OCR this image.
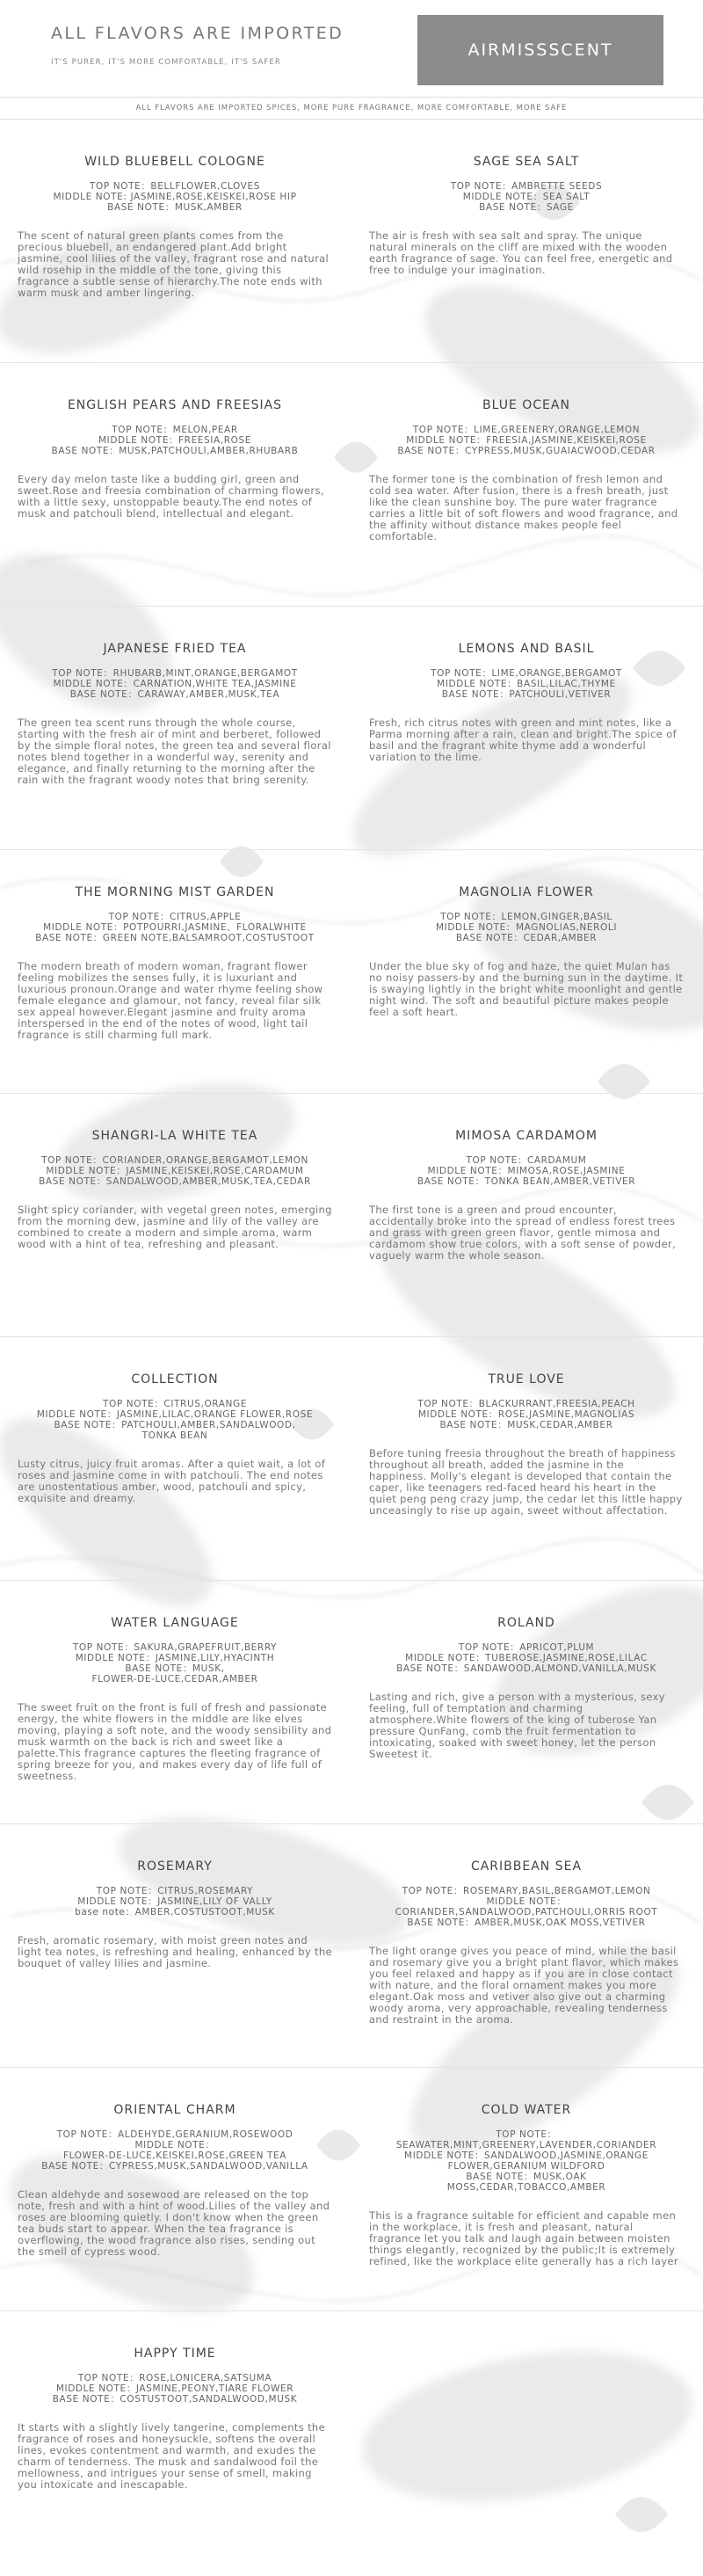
ALL FLAVORS ARE IMPORTED
IT'S PURER, IT'S MORE COMFORTABLE, IT'S SAFER
AIRMISSSCENT
ALL FLAVORS ARE IMPORTED SPICES, MORE PURE FRAGRANCE, MORE COMFORTABLE, MORE SAFE
WILD BLUEBELL COLOGNE
TOP NOTE：BELLFLOWER,CLOVES
MIDDLE NOTE: JASMINE,ROSE,KEISKEI,ROSE HIP
BASE NOTE：MUSK,AMBER
The scent of natural green plants comes from the precious bluebell, an endangered plant.Add bright jasmine, cool lilies of the valley, fragrant rose and natural wild rosehip in the middle of the tone, giving this fragrance a subtle sense of hierarchy.The note ends with warm musk and amber lingering.
SAGE SEA SALT
TOP NOTE：AMBRETTE SEEDS
MIDDLE NOTE：SEA SALT
BASE NOTE：SAGE
The air is fresh with sea salt and spray. The unique natural minerals on the cliff are mixed with the wooden earth fragrance of sage. You can feel free, energetic and free to indulge your imagination.
ENGLISH PEARS AND FREESIAS
TOP NOTE：MELON,PEAR
MIDDLE NOTE：FREESIA,ROSE
BASE NOTE：MUSK,PATCHOULI,AMBER,RHUBARB
Every day melon taste like a budding girl, green and sweet.Rose and freesia combination of charming flowers, with a little sexy, unstoppable beauty.The end notes of musk and patchouli blend, intellectual and elegant.
BLUE OCEAN
TOP NOTE：LIME,GREENERY,ORANGE,LEMON
MIDDLE NOTE：FREESIA,JASMINE,KEISKEI,ROSE
BASE NOTE：CYPRESS,MUSK,GUAIACWOOD,CEDAR
The former tone is the combination of fresh lemon and cold sea water. After fusion, there is a fresh breath, just like the clean sunshine boy. The pure water fragrance carries a little bit of soft flowers and wood fragrance, and the affinity without distance makes people feel comfortable.
JAPANESE FRIED TEA
TOP NOTE：RHUBARB,MINT,ORANGE,BERGAMOT
MIDDLE NOTE：CARNATION,WHITE TEA,JASMINE
BASE NOTE：CARAWAY,AMBER,MUSK,TEA
The green tea scent runs through the whole course, starting with the fresh air of mint and berberet, followed by the simple floral notes, the green tea and several floral notes blend together in a wonderful way, serenity and elegance, and finally returning to the morning after the rain with the fragrant woody notes that bring serenity.
LEMONS AND BASIL
TOP NOTE：LIME,ORANGE,BERGAMOT
MIDDLE NOTE：BASIL,LILAC,THYME
BASE NOTE：PATCHOULI,VETIVER
Fresh, rich citrus notes with green and mint notes, like a Parma morning after a rain, clean and bright.The spice of basil and the fragrant white thyme add a wonderful variation to the lime.
THE MORNING MIST GARDEN
TOP NOTE：CITRUS,APPLE
MIDDLE NOTE：POTPOURRI,JASMINE、FLORALWHITE
BASE NOTE：GREEN NOTE,BALSAMROOT,COSTUSTOOT
The modern breath of modern woman, fragrant flower feeling mobilizes the senses fully, it is luxuriant and luxurious pronoun.Orange and water rhyme feeling show female elegance and glamour, not fancy, reveal filar silk sex appeal however.Elegant jasmine and fruity aroma interspersed in the end of the notes of wood, light tail fragrance is still charming full mark.
MAGNOLIA FLOWER
TOP NOTE：LEMON,GINGER,BASIL
MIDDLE NOTE：MAGNOLIAS,NEROLI
BASE NOTE：CEDAR,AMBER
Under the blue sky of fog and haze, the quiet Mulan has no noisy passers-by and the burning sun in the daytime. It is swaying lightly in the bright white moonlight and gentle night wind. The soft and beautiful picture makes people feel a soft heart.
SHANGRI-LA WHITE TEA
TOP NOTE：CORIANDER,ORANGE,BERGAMOT,LEMON
MIDDLE NOTE：JASMINE,KEISKEI,ROSE,CARDAMUM
BASE NOTE：SANDALWOOD,AMBER,MUSK,TEA,CEDAR
Slight spicy coriander, with vegetal green notes, emerging from the morning dew, jasmine and lily of the valley are combined to create a modern and simple aroma, warm wood with a hint of tea, refreshing and pleasant.
MIMOSA CARDAMOM
TOP NOTE：CARDAMUM
MIDDLE NOTE：MIMOSA,ROSE,JASMINE
BASE NOTE：TONKA BEAN,AMBER,VETIVER
The first tone is a green and proud encounter, accidentally broke into the spread of endless forest trees and grass with green green flavor, gentle mimosa and cardamom show true colors, with a soft sense of powder, vaguely warm the whole season.
COLLECTION
TOP NOTE：CITRUS,ORANGE
MIDDLE NOTE：JASMINE,LILAC,ORANGE FLOWER,ROSE
BASE NOTE：PATCHOULI,AMBER,SANDALWOOD,
TONKA BEAN
Lusty citrus, juicy fruit aromas. After a quiet wait, a lot of roses and jasmine come in with patchouli. The end notes are unostentatious amber, wood, patchouli and spicy, exquisite and dreamy.
TRUE LOVE
TOP NOTE：BLACKURRANT,FREESIA,PEACH
MIDDLE NOTE：ROSE,JASMINE,MAGNOLIAS
BASE NOTE：MUSK,CEDAR,AMBER
Before tuning freesia throughout the breath of happiness throughout all breath, added the jasmine in the happiness. Molly's elegant is developed that contain the caper, like teenagers red-faced heard his heart in the quiet peng peng crazy jump, the cedar let this little happy unceasingly to rise up again, sweet without affectation.
WATER LANGUAGE
TOP NOTE：SAKURA,GRAPEFRUIT,BERRY
MIDDLE NOTE：JASMINE,LILY,HYACINTH
BASE NOTE：MUSK,
FLOWER-DE-LUCE,CEDAR,AMBER
The sweet fruit on the front is full of fresh and passionate energy, the white flowers in the middle are like elves moving, playing a soft note, and the woody sensibility and musk warmth on the back is rich and sweet like a palette.This fragrance captures the fleeting fragrance of spring breeze for you, and makes every day of life full of sweetness.
ROLAND
TOP NOTE：APRICOT,PLUM
MIDDLE NOTE：TUBEROSE,JASMINE,ROSE,LILAC
BASE NOTE：SANDAWOOD,ALMOND,VANILLA,MUSK
Lasting and rich, give a person with a mysterious, sexy feeling, full of temptation and charming atmosphere.White flowers of the king of tuberose Yan pressure QunFang, comb the fruit fermentation to intoxicating, soaked with sweet honey, let the person Sweetest it.
ROSEMARY
TOP NOTE：CITRUS,ROSEMARY
MIDDLE NOTE：JASMINE,LILY OF VALLY
base note：AMBER,COSTUSTOOT,MUSK
Fresh, aromatic rosemary, with moist green notes and light tea notes, is refreshing and healing, enhanced by the bouquet of valley lilies and jasmine.
CARIBBEAN SEA
TOP NOTE：ROSEMARY,BASIL,BERGAMOT,LEMON
MIDDLE NOTE：
CORIANDER,SANDALWOOD,PATCHOULI,ORRIS ROOT
BASE NOTE：AMBER,MUSK,OAK MOSS,VETIVER
The light orange gives you peace of mind, while the basil and rosemary give you a bright plant flavor, which makes you feel relaxed and happy as if you are in close contact with nature, and the floral ornament makes you more elegant.Oak moss and vetiver also give out a charming woody aroma, very approachable, revealing tenderness and restraint in the aroma.
ORIENTAL CHARM
TOP NOTE：ALDEHYDE,GERANIUM,ROSEWOOD
MIDDLE NOTE：
FLOWER-DE-LUCE,KEISKEI,ROSE,GREEN TEA
BASE NOTE：CYPRESS,MUSK,SANDALWOOD,VANILLA
Clean aldehyde and sosewood are released on the top note, fresh and with a hint of wood.Lilies of the valley and roses are blooming quietly. I don't know when the green tea buds start to appear. When the tea fragrance is overflowing, the wood fragrance also rises, sending out the smell of cypress wood.
COLD WATER
TOP NOTE：
SEAWATER,MINT,GREENERY,LAVENDER,CORIANDER
MIDDLE NOTE：SANDALWOOD,JASMINE,ORANGE
FLOWER,GERANIUM WILDFORD
BASE NOTE：MUSK,OAK
MOSS,CEDAR,TOBACCO,AMBER
This is a fragrance suitable for efficient and capable men in the workplace, it is fresh and pleasant, natural fragrance let you talk and laugh again between moisten things elegantly, recognized by the public;It is extremely refined, like the workplace elite generally has a rich layer
HAPPY TIME
TOP NOTE：ROSE,LONICERA,SATSUMA
MIDDLE NOTE：JASMINE,PEONY,TIARE FLOWER
BASE NOTE：COSTUSTOOT,SANDALWOOD,MUSK
It starts with a slightly lively tangerine, complements the fragrance of roses and honeysuckle, softens the overall lines, evokes contentment and warmth, and exudes the charm of tenderness. The musk and sandalwood foil the mellowness, and intrigues your sense of smell, making you intoxicate and inescapable.
